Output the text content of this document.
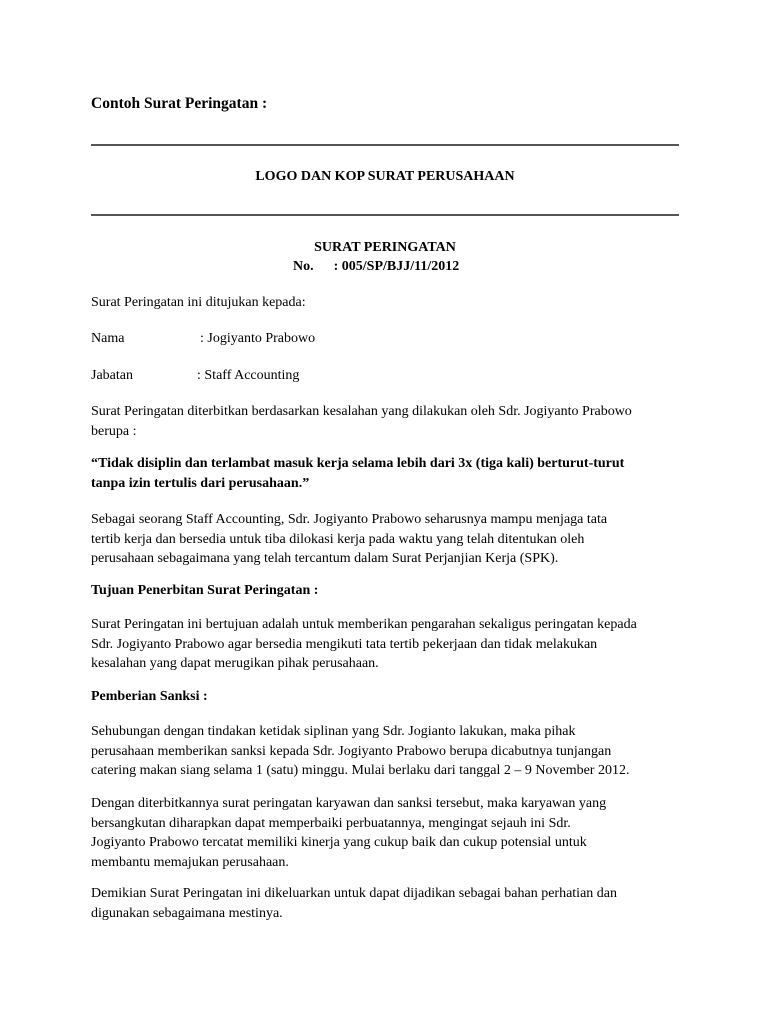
Contoh Surat Peringatan :

LOGO DAN KOP SURAT PERUSAHAAN

SURAT PERINGATAN

No. : 005/SP/BJJ/11/2012

Surat Peringatan ini ditujukan kepada:

Nama	: Jogiyanto Prabowo

Jabatan	: Staff Accounting

Surat Peringatan diterbitkan berdasarkan kesalahan yang dilakukan oleh Sdr. Jogiyanto Prabowo
berupa :
“Tidak disiplin dan terlambat masuk kerja selama lebih dari 3x (tiga kali) berturut-turut
tanpa izin tertulis dari perusahaan.”
Sebagai seorang Staff Accounting, Sdr. Jogiyanto Prabowo seharusnya mampu menjaga tata
tertib kerja dan bersedia untuk tiba dilokasi kerja pada waktu yang telah ditentukan oleh
perusahaan sebagaimana yang telah tercantum dalam Surat Perjanjian Kerja (SPK).

Tujuan Penerbitan Surat Peringatan :

Surat Peringatan ini bertujuan adalah untuk memberikan pengarahan sekaligus peringatan kepada
Sdr. Jogiyanto Prabowo agar bersedia mengikuti tata tertib pekerjaan dan tidak melakukan
kesalahan yang dapat merugikan pihak perusahaan.

Pemberian Sanksi :

Sehubungan dengan tindakan ketidak siplinan yang Sdr. Jogianto lakukan, maka pihak
perusahaan memberikan sanksi kepada Sdr. Jogiyanto Prabowo berupa dicabutnya tunjangan
catering makan siang selama 1 (satu) minggu. Mulai berlaku dari tanggal 2 – 9 November 2012.
Dengan diterbitkannya surat peringatan karyawan dan sanksi tersebut, maka karyawan yang
bersangkutan diharapkan dapat memperbaiki perbuatannya, mengingat sejauh ini Sdr.
Jogiyanto Prabowo tercatat memiliki kinerja yang cukup baik dan cukup potensial untuk
membantu memajukan perusahaan.
Demikian Surat Peringatan ini dikeluarkan untuk dapat dijadikan sebagai bahan perhatian dan
digunakan sebagaimana mestinya.
